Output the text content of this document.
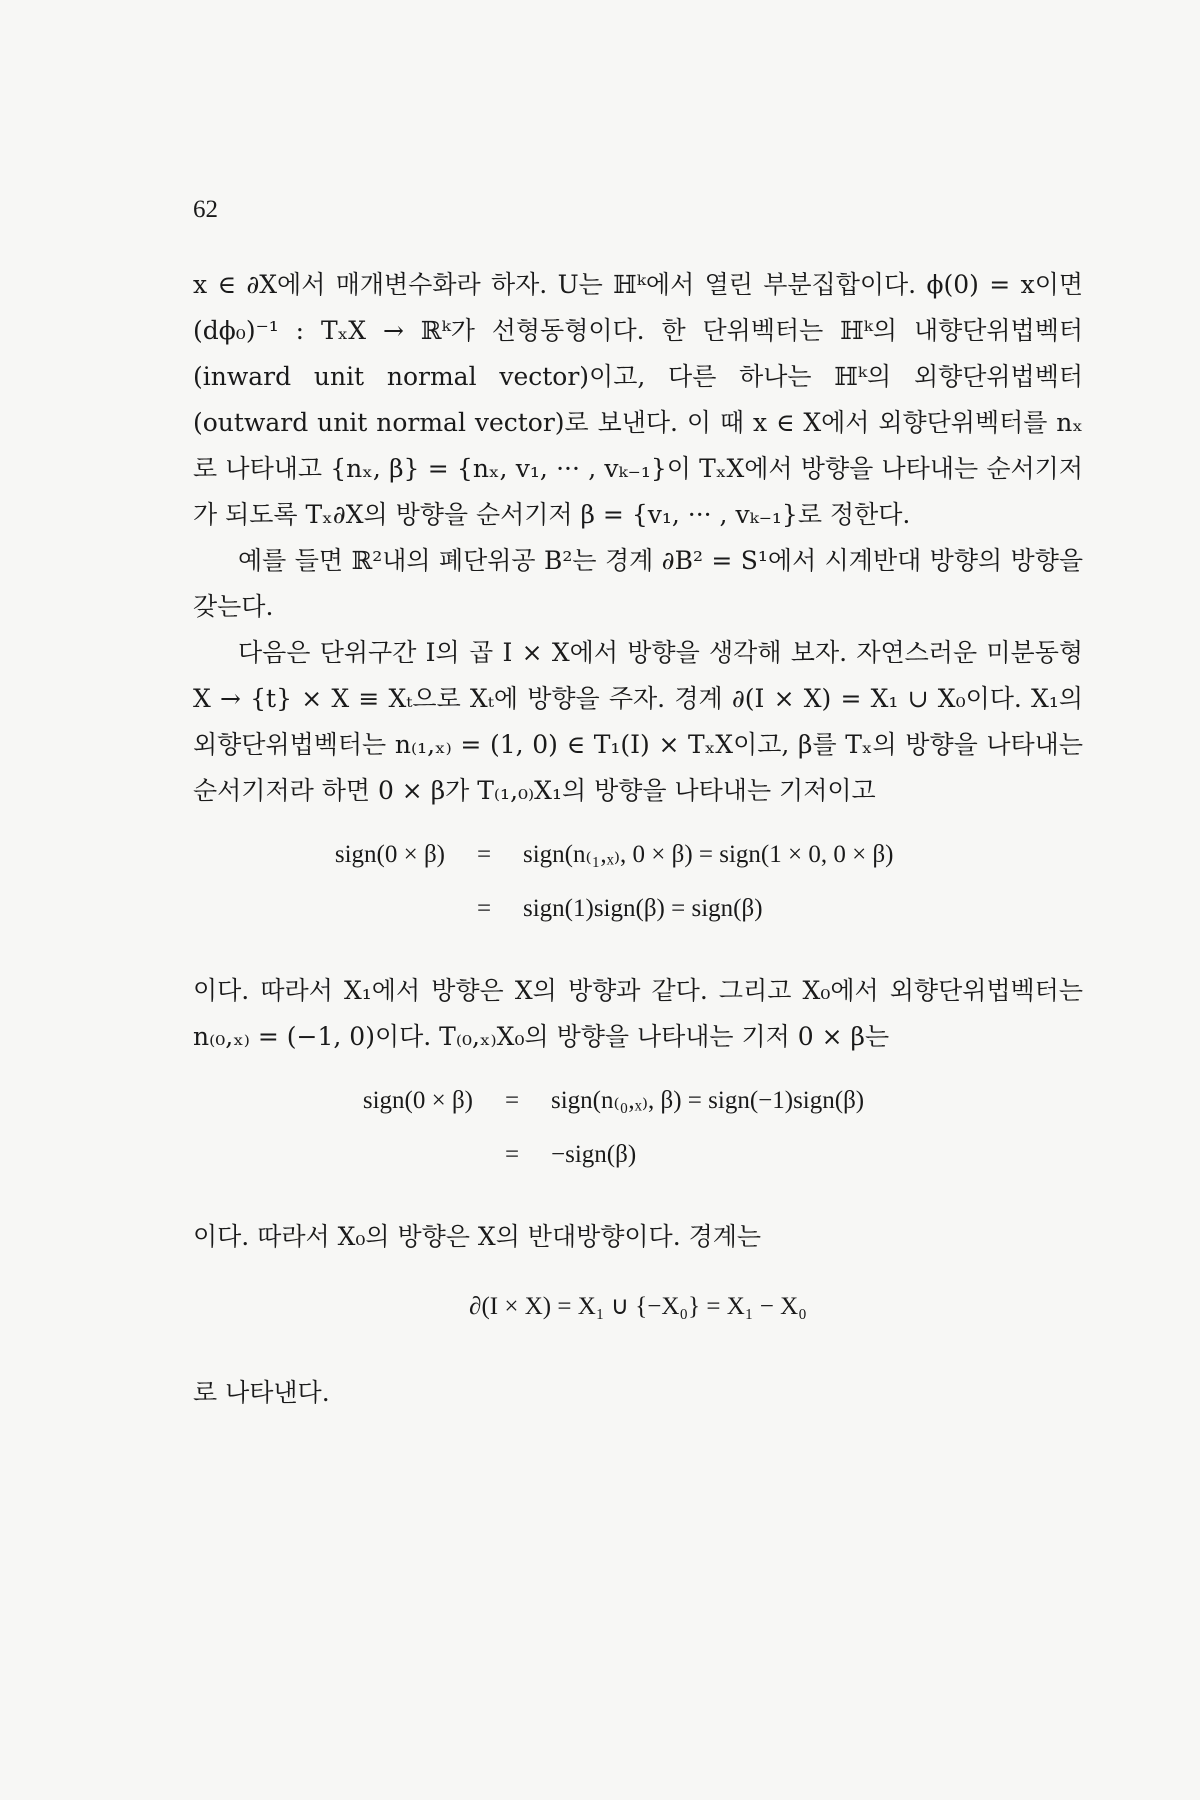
62

x ∈ ∂X에서 매개변수화라 하자. U는 ℍᵏ에서 열린 부분집합이다. ϕ(0) = x이면 (dϕ₀)⁻¹ : TₓX → ℝᵏ가 선형동형이다. 한 단위벡터는 ℍᵏ의 내향단위법벡터(inward unit normal vector)이고, 다른 하나는 ℍᵏ의 외향단위법벡터(outward unit normal vector)로 보낸다. 이 때 x ∈ X에서 외향단위벡터를 nₓ로 나타내고 {nₓ, β} = {nₓ, v₁, ··· , vₖ₋₁}이 TₓX에서 방향을 나타내는 순서기저가 되도록 Tₓ∂X의 방향을 순서기저 β = {v₁, ··· , vₖ₋₁}로 정한다.

예를 들면 ℝ²내의 폐단위공 B²는 경계 ∂B² = S¹에서 시계반대 방향의 방향을 갖는다.

다음은 단위구간 I의 곱 I × X에서 방향을 생각해 보자. 자연스러운 미분동형 X → {t} × X ≡ Xₜ으로 Xₜ에 방향을 주자. 경계 ∂(I × X) = X₁ ∪ X₀이다. X₁의 외향단위법벡터는 n₍₁,ₓ₎ = (1, 0) ∈ T₁(I) × TₓX이고, β를 Tₓ의 방향을 나타내는 순서기저라 하면 0 × β가 T₍₁,₀₎X₁의 방향을 나타내는 기저이고

sign(0 × β)	=	sign(n₍₁,ₓ₎, 0 × β) = sign(1 × 0, 0 × β)
=	sign(1)sign(β) = sign(β)

이다. 따라서 X₁에서 방향은 X의 방향과 같다. 그리고 X₀에서 외향단위법벡터는 n₍₀,ₓ₎ = (−1, 0)이다. T₍₀,ₓ₎X₀의 방향을 나타내는 기저 0 × β는

sign(0 × β)	=	sign(n₍₀,ₓ₎, β) = sign(−1)sign(β)
=	−sign(β)

이다. 따라서 X₀의 방향은 X의 반대방향이다. 경계는

∂(I × X) = X₁ ∪ {−X₀} = X₁ − X₀

로 나타낸다.
